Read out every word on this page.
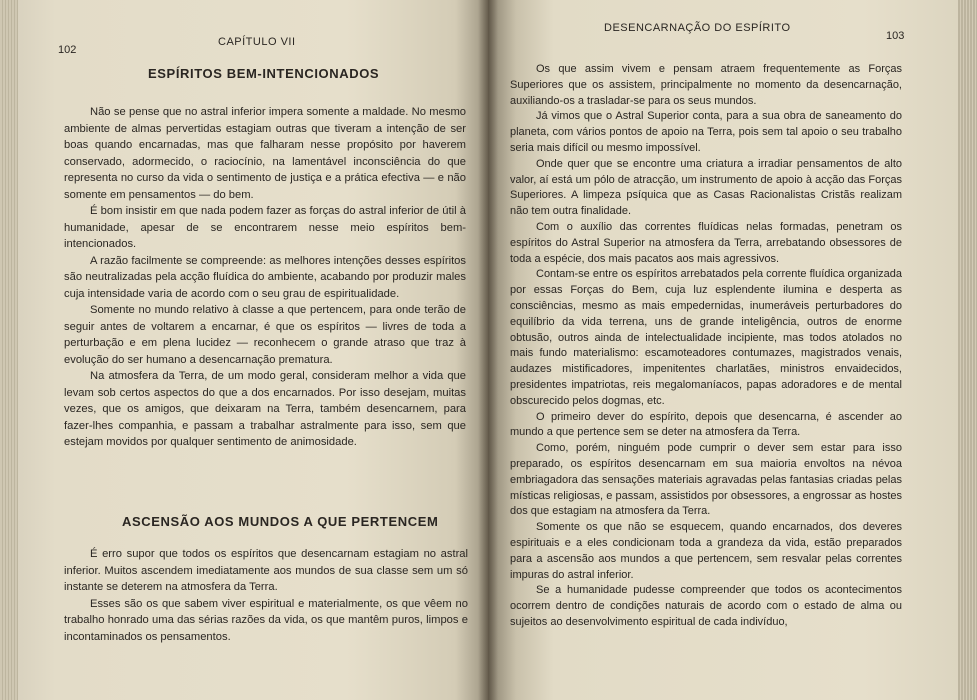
102
CAPÍTULO VII
ESPÍRITOS BEM-INTENCIONADOS

Não se pense que no astral inferior impera somente a maldade. No mesmo ambiente de almas pervertidas estagiam outras que tiveram a intenção de ser boas quando encarnadas, mas que falharam nesse propósito por haverem conservado, adormecido, o raciocínio, na lamentável inconsciência do que representa no curso da vida o sentimento de justiça e a prática efectiva — e não somente em pensamentos — do bem.

É bom insistir em que nada podem fazer as forças do astral inferior de útil à humanidade, apesar de se encontrarem nesse meio espíritos bem-intencionados.

A razão facilmente se compreende: as melhores intenções desses espíritos são neutralizadas pela acção fluídica do ambiente, acabando por produzir males cuja intensidade varia de acordo com o seu grau de espiritualidade.

Somente no mundo relativo à classe a que pertencem, para onde terão de seguir antes de voltarem a encarnar, é que os espíritos — livres de toda a perturbação e em plena lucidez — reconhecem o grande atraso que traz à evolução do ser humano a desencarnação prematura.

Na atmosfera da Terra, de um modo geral, consideram melhor a vida que levam sob certos aspectos do que a dos encarnados. Por isso desejam, muitas vezes, que os amigos, que deixaram na Terra, também desencarnem, para fazer-lhes companhia, e passam a trabalhar astralmente para isso, sem que estejam movidos por qualquer sentimento de animosidade.

ASCENSÃO AOS MUNDOS A QUE PERTENCEM

É erro supor que todos os espíritos que desencarnam estagiam no astral inferior. Muitos ascendem imediatamente aos mundos de sua classe sem um só instante se deterem na atmosfera da Terra.

Esses são os que sabem viver espiritual e materialmente, os que vêem no trabalho honrado uma das sérias razões da vida, os que mantêm puros, limpos e incontaminados os pensamentos.

DESENCARNAÇÃO DO ESPÍRITO
103

Os que assim vivem e pensam atraem frequentemente as Forças Superiores que os assistem, principalmente no momento da desencarnação, auxiliando-os a trasladar-se para os seus mundos.

Já vimos que o Astral Superior conta, para a sua obra de saneamento do planeta, com vários pontos de apoio na Terra, pois sem tal apoio o seu trabalho seria mais difícil ou mesmo impossível.

Onde quer que se encontre uma criatura a irradiar pensamentos de alto valor, aí está um pólo de atracção, um instrumento de apoio à acção das Forças Superiores. A limpeza psíquica que as Casas Racionalistas Cristãs realizam não tem outra finalidade.

Com o auxílio das correntes fluídicas nelas formadas, penetram os espíritos do Astral Superior na atmosfera da Terra, arrebatando obsessores de toda a espécie, dos mais pacatos aos mais agressivos.

Contam-se entre os espíritos arrebatados pela corrente fluídica organizada por essas Forças do Bem, cuja luz esplendente ilumina e desperta as consciências, mesmo as mais empedernidas, inumeráveis perturbadores do equilíbrio da vida terrena, uns de grande inteligência, outros de enorme obtusão, outros ainda de intelectualidade incipiente, mas todos atolados no mais fundo materialismo: escamoteadores contumazes, magistrados venais, audazes mistificadores, impenitentes charlatães, ministros envaidecidos, presidentes impatriotas, reis megalomaníacos, papas adoradores e de mental obscurecido pelos dogmas, etc.

O primeiro dever do espírito, depois que desencarna, é ascender ao mundo a que pertence sem se deter na atmosfera da Terra.

Como, porém, ninguém pode cumprir o dever sem estar para isso preparado, os espíritos desencarnam em sua maioria envoltos na névoa embriagadora das sensações materiais agravadas pelas fantasias criadas pelas místicas religiosas, e passam, assistidos por obsessores, a engrossar as hostes dos que estagiam na atmosfera da Terra.

Somente os que não se esquecem, quando encarnados, dos deveres espirituais e a eles condicionam toda a grandeza da vida, estão preparados para a ascensão aos mundos a que pertencem, sem resvalar pelas correntes impuras do astral inferior.

Se a humanidade pudesse compreender que todos os acontecimentos ocorrem dentro de condições naturais de acordo com o estado de alma ou sujeitos ao desenvolvimento espiritual de cada indivíduo,
